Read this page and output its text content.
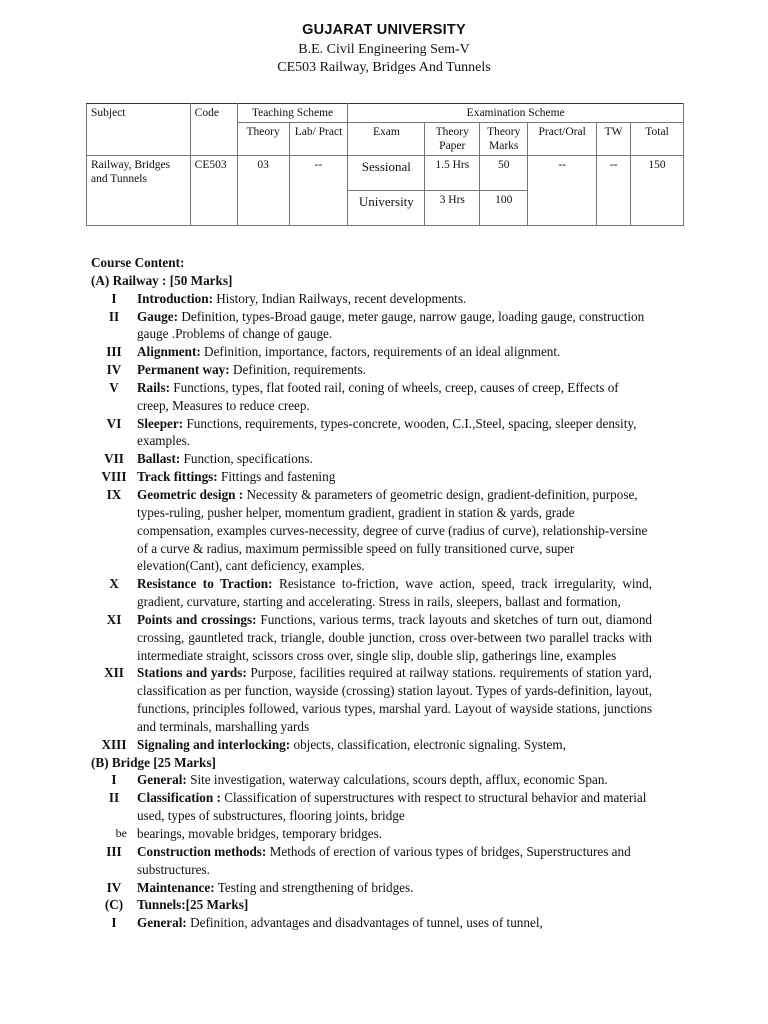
GUJARAT UNIVERSITY
B.E. Civil Engineering Sem-V
CE503 Railway, Bridges And Tunnels
Subject	Code	Teaching Scheme		Examination Scheme					
		Theory	Lab/ Pract	Exam	Theory Paper	Theory Marks	Pract/Oral	TW	Total
Railway, Bridges and Tunnels	CE503	03	--	Sessional	1.5 Hrs	50	--	--	150
				University	3 Hrs	100			
Course Content:
(A) Railway : [50 Marks]
I	Introduction: History, Indian Railways, recent developments.
II	Gauge: Definition, types-Broad gauge, meter gauge, narrow gauge, loading gauge, construction gauge .Problems of change of gauge.
III	Alignment: Definition, importance, factors, requirements of an ideal alignment.
IV	Permanent way: Definition, requirements.
V	Rails: Functions, types, flat footed rail, coning of wheels, creep, causes of creep, Effects of creep, Measures to reduce creep.
VI	Sleeper: Functions, requirements, types-concrete, wooden, C.I.,Steel, spacing, sleeper density, examples.
VII Ballast: Function, specifications.
VIII Track fittings: Fittings and fastening
IX	Geometric design : Necessity & parameters of geometric design, gradient-definition, purpose, types-ruling, pusher helper, momentum gradient, gradient in station & yards, grade compensation, examples curves-necessity, degree of curve (radius of curve), relationship-versine of a curve & radius, maximum permissible speed on fully transitioned curve, super elevation(Cant), cant deficiency, examples.
X	Resistance to Traction: Resistance to-friction, wave action, speed, track irregularity, wind, gradient, curvature, starting and accelerating. Stress in rails, sleepers, ballast and formation,
XI	Points and crossings: Functions, various terms, track layouts and sketches of turn out, diamond crossing, gauntleted track, triangle, double junction, cross over-between two parallel tracks with intermediate straight, scissors cross over, single slip, double slip, gatherings line, examples
XII Stations and yards: Purpose, facilities required at railway stations. requirements of station yard, classification as per function, wayside (crossing) station layout. Types of yards-definition, layout, functions, principles followed, various types, marshal yard. Layout of wayside stations, junctions and terminals, marshalling yards
XIII Signaling and interlocking: objects, classification, electronic signaling. System,
(B) Bridge [25 Marks]
I	General: Site investigation, waterway calculations, scours depth, afflux, economic Span.
II	Classification : Classification of superstructures with respect to structural behavior and material used, types of substructures, flooring joints, bridge
be bearings, movable bridges, temporary bridges.
III	Construction methods: Methods of erection of various types of bridges, Superstructures and substructures.
IV	Maintenance: Testing and strengthening of bridges.
(C)	Tunnels:[25 Marks]
I	General: Definition, advantages and disadvantages of tunnel, uses of tunnel,
